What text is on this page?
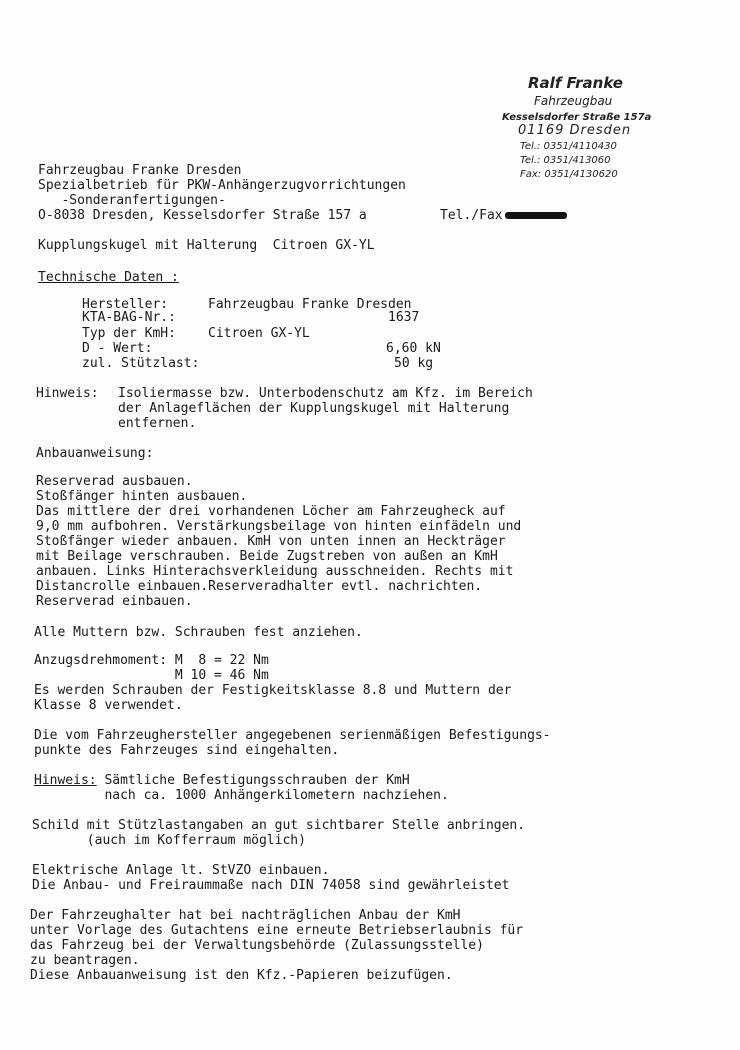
Ralf Franke
Fahrzeugbau
Kesselsdorfer Straße 157a
01169 Dresden
Tel.: 0351/4110430
Tel.: 0351/413060
Fax: 0351/4130620
Fahrzeugbau Franke Dresden
Spezialbetrieb für PKW-Anhängerzugvorrichtungen
-Sonderanfertigungen-
O-8038 Dresden, Kesselsdorfer Straße 157 a	Tel./Fax
Kupplungskugel mit Halterung  Citroen GX-YL
Technische Daten :
Hersteller:	Fahrzeugbau Franke Dresden
KTA-BAG-Nr.:	1637
Typ der KmH: Citroen GX-YL
D - Wert:	6,60 kN
zul. Stützlast:	50 kg
Hinweis: Isoliermasse bzw. Unterbodenschutz am Kfz. im Bereich
der Anlageflächen der Kupplungskugel mit Halterung
entfernen.
Anbauanweisung:
Reserverad ausbauen.
Stoßfänger hinten ausbauen.
Das mittlere der drei vorhandenen Löcher am Fahrzeugheck auf
9,0 mm aufbohren. Verstärkungsbeilage von hinten einfädeln und
Stoßfänger wieder anbauen. KmH von unten innen an Heckträger
mit Beilage verschrauben. Beide Zugstreben von außen an KmH
anbauen. Links Hinterachsverkleidung ausschneiden. Rechts mit
Distancrolle einbauen.Reserveradhalter evtl. nachrichten.
Reserverad einbauen.
Alle Muttern bzw. Schrauben fest anziehen.
Anzugsdrehmoment: M  8 = 22 Nm
M 10 = 46 Nm
Es werden Schrauben der Festigkeitsklasse 8.8 und Muttern der
Klasse 8 verwendet.
Die vom Fahrzeughersteller angegebenen serienmäßigen Befestigungs-
punkte des Fahrzeuges sind eingehalten.
Hinweis: Sämtliche Befestigungsschrauben der KmH
nach ca. 1000 Anhängerkilometern nachziehen.
Schild mit Stützlastangaben an gut sichtbarer Stelle anbringen.
(auch im Kofferraum möglich)
Elektrische Anlage lt. StVZO einbauen.
Die Anbau- und Freiraummaße nach DIN 74058 sind gewährleistet
Der Fahrzeughalter hat bei nachträglichen Anbau der KmH
unter Vorlage des Gutachtens eine erneute Betriebserlaubnis für
das Fahrzeug bei der Verwaltungsbehörde (Zulassungsstelle)
zu beantragen.
Diese Anbauanweisung ist den Kfz.-Papieren beizufügen.
